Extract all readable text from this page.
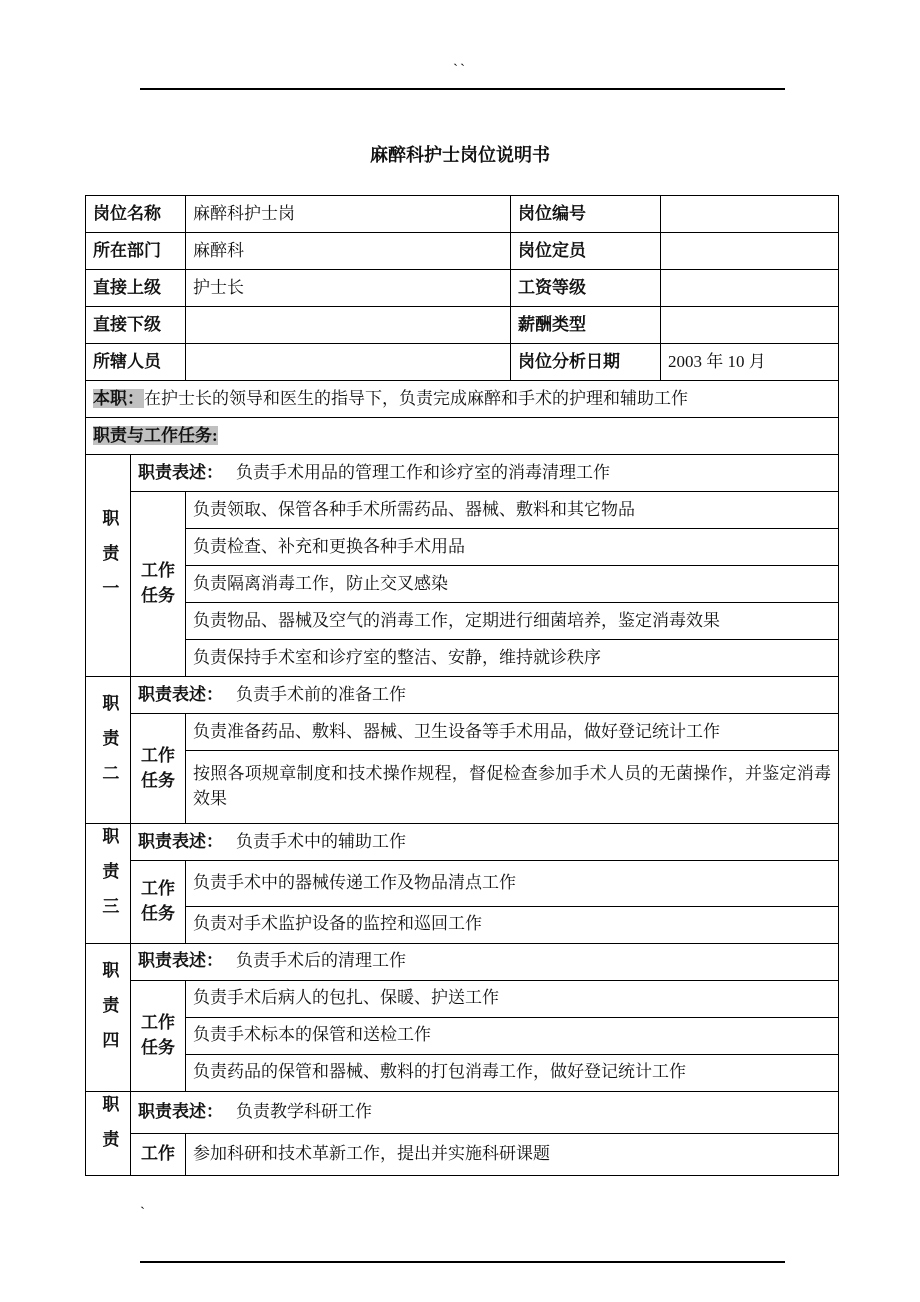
``
麻醉科护士岗位说明书
岗位名称		麻醉科护士岗	岗位编号	
所在部门		麻醉科	岗位定员	
直接上级		护士长	工资等级	
直接下级			薪酬类型	
所辖人员			岗位分析日期	2003 年 10 月
本职：在护士长的领导和医生的指导下，负责完成麻醉和手术的护理和辅助工作				
职责与工作任务:				
职责一	职责表述： 负责手术用品的管理工作和诊疗室的消毒清理工作			
	工作任务	负责领取、保管各种手术所需药品、器械、敷料和其它物品		
		负责检查、补充和更换各种手术用品		
		负责隔离消毒工作，防止交叉感染		
		负责物品、器械及空气的消毒工作，定期进行细菌培养，鉴定消毒效果		
		负责保持手术室和诊疗室的整洁、安静，维持就诊秩序		
职责二	职责表述： 负责手术前的准备工作			
	工作任务	负责准备药品、敷料、器械、卫生设备等手术用品，做好登记统计工作		
		按照各项规章制度和技术操作规程，督促检查参加手术人员的无菌操作，并鉴定消毒效果		
职责三	职责表述： 负责手术中的辅助工作			
	工作任务	负责手术中的器械传递工作及物品清点工作		
		负责对手术监护设备的监控和巡回工作		
职责四	职责表述： 负责手术后的清理工作			
	工作任务	负责手术后病人的包扎、保暖、护送工作		
		负责手术标本的保管和送检工作		
		负责药品的保管和器械、敷料的打包消毒工作，做好登记统计工作		
职责	职责表述： 负责教学科研工作			
	工作	参加科研和技术革新工作，提出并实施科研课题		
`
